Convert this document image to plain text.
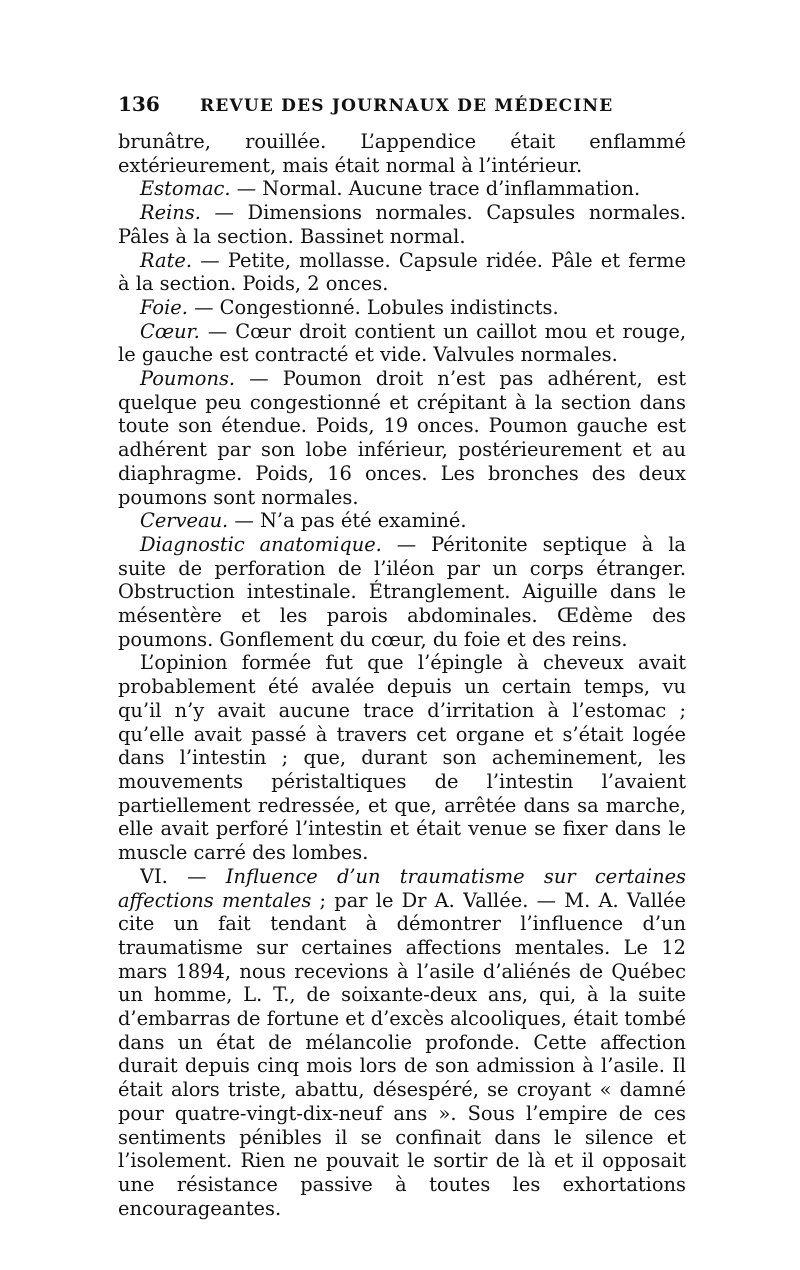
136 REVUE DES JOURNAUX DE MÉDECINE

brunâtre, rouillée. L’appendice était enflammé extérieurement, mais était normal à l’intérieur.

Estomac. — Normal. Aucune trace d’inflammation.

Reins. — Dimensions normales. Capsules normales. Pâles à la section. Bassinet normal.

Rate. — Petite, mollasse. Capsule ridée. Pâle et ferme à la section. Poids, 2 onces.

Foie. — Congestionné. Lobules indistincts.

Cœur. — Cœur droit contient un caillot mou et rouge, le gauche est contracté et vide. Valvules normales.

Poumons. — Poumon droit n’est pas adhérent, est quelque peu congestionné et crépitant à la section dans toute son étendue. Poids, 19 onces. Poumon gauche est adhérent par son lobe inférieur, postérieurement et au diaphragme. Poids, 16 onces. Les bronches des deux poumons sont normales.

Cerveau. — N’a pas été examiné.

Diagnostic anatomique. — Péritonite septique à la suite de perforation de l’iléon par un corps étranger. Obstruction intestinale. Étranglement. Aiguille dans le mésentère et les parois abdominales. Œdème des poumons. Gonflement du cœur, du foie et des reins.

L’opinion formée fut que l’épingle à cheveux avait probablement été avalée depuis un certain temps, vu qu’il n’y avait aucune trace d’irritation à l’estomac ; qu’elle avait passé à travers cet organe et s’était logée dans l’intestin ; que, durant son acheminement, les mouvements péristaltiques de l’intestin l’avaient partiellement redressée, et que, arrêtée dans sa marche, elle avait perforé l’intestin et était venue se fixer dans le muscle carré des lombes.

VI. — Influence d’un traumatisme sur certaines affections mentales ; par le Dr A. Vallée. — M. A. Vallée cite un fait tendant à démontrer l’influence d’un traumatisme sur certaines affections mentales. Le 12 mars 1894, nous recevions à l’asile d’aliénés de Québec un homme, L. T., de soixante-deux ans, qui, à la suite d’embarras de fortune et d’excès alcooliques, était tombé dans un état de mélancolie profonde. Cette affection durait depuis cinq mois lors de son admission à l’asile. Il était alors triste, abattu, désespéré, se croyant « damné pour quatre-vingt-dix-neuf ans ». Sous l’empire de ces sentiments pénibles il se confinait dans le silence et l’isolement. Rien ne pouvait le sortir de là et il opposait une résistance passive à toutes les exhortations encourageantes.
